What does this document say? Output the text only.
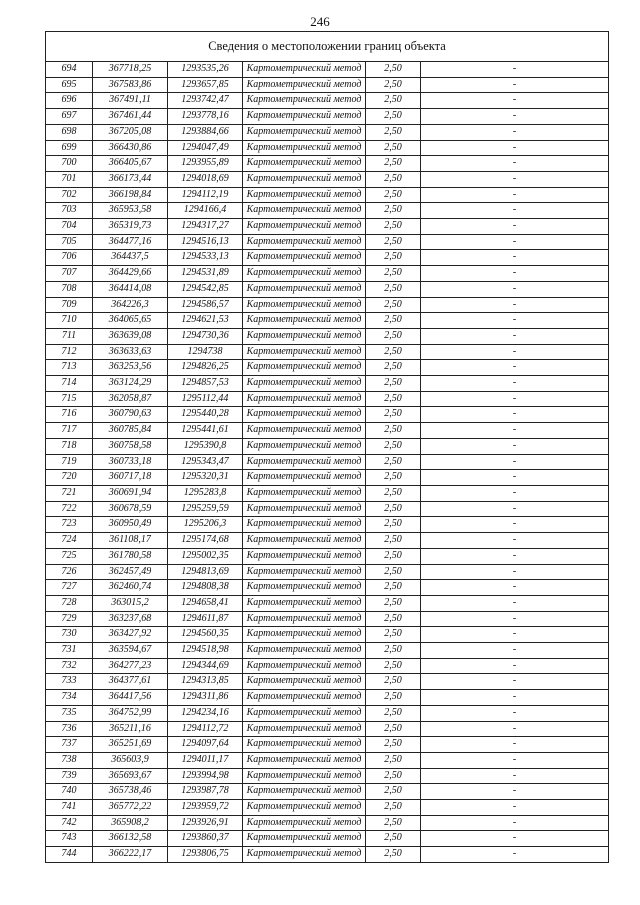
246
Сведения о местоположении границ объекта					
694	367718,25	1293535,26	Картометрический метод	2,50	-
695	367583,86	1293657,85	Картометрический метод	2,50	-
696	367491,11	1293742,47	Картометрический метод	2,50	-
697	367461,44	1293778,16	Картометрический метод	2,50	-
698	367205,08	1293884,66	Картометрический метод	2,50	-
699	366430,86	1294047,49	Картометрический метод	2,50	-
700	366405,67	1293955,89	Картометрический метод	2,50	-
701	366173,44	1294018,69	Картометрический метод	2,50	-
702	366198,84	1294112,19	Картометрический метод	2,50	-
703	365953,58	1294166,4	Картометрический метод	2,50	-
704	365319,73	1294317,27	Картометрический метод	2,50	-
705	364477,16	1294516,13	Картометрический метод	2,50	-
706	364437,5	1294533,13	Картометрический метод	2,50	-
707	364429,66	1294531,89	Картометрический метод	2,50	-
708	364414,08	1294542,85	Картометрический метод	2,50	-
709	364226,3	1294586,57	Картометрический метод	2,50	-
710	364065,65	1294621,53	Картометрический метод	2,50	-
711	363639,08	1294730,36	Картометрический метод	2,50	-
712	363633,63	1294738	Картометрический метод	2,50	-
713	363253,56	1294826,25	Картометрический метод	2,50	-
714	363124,29	1294857,53	Картометрический метод	2,50	-
715	362058,87	1295112,44	Картометрический метод	2,50	-
716	360790,63	1295440,28	Картометрический метод	2,50	-
717	360785,84	1295441,61	Картометрический метод	2,50	-
718	360758,58	1295390,8	Картометрический метод	2,50	-
719	360733,18	1295343,47	Картометрический метод	2,50	-
720	360717,18	1295320,31	Картометрический метод	2,50	-
721	360691,94	1295283,8	Картометрический метод	2,50	-
722	360678,59	1295259,59	Картометрический метод	2,50	-
723	360950,49	1295206,3	Картометрический метод	2,50	-
724	361108,17	1295174,68	Картометрический метод	2,50	-
725	361780,58	1295002,35	Картометрический метод	2,50	-
726	362457,49	1294813,69	Картометрический метод	2,50	-
727	362460,74	1294808,38	Картометрический метод	2,50	-
728	363015,2	1294658,41	Картометрический метод	2,50	-
729	363237,68	1294611,87	Картометрический метод	2,50	-
730	363427,92	1294560,35	Картометрический метод	2,50	-
731	363594,67	1294518,98	Картометрический метод	2,50	-
732	364277,23	1294344,69	Картометрический метод	2,50	-
733	364377,61	1294313,85	Картометрический метод	2,50	-
734	364417,56	1294311,86	Картометрический метод	2,50	-
735	364752,99	1294234,16	Картометрический метод	2,50	-
736	365211,16	1294112,72	Картометрический метод	2,50	-
737	365251,69	1294097,64	Картометрический метод	2,50	-
738	365603,9	1294011,17	Картометрический метод	2,50	-
739	365693,67	1293994,98	Картометрический метод	2,50	-
740	365738,46	1293987,78	Картометрический метод	2,50	-
741	365772,22	1293959,72	Картометрический метод	2,50	-
742	365908,2	1293926,91	Картометрический метод	2,50	-
743	366132,58	1293860,37	Картометрический метод	2,50	-
744	366222,17	1293806,75	Картометрический метод	2,50	-
